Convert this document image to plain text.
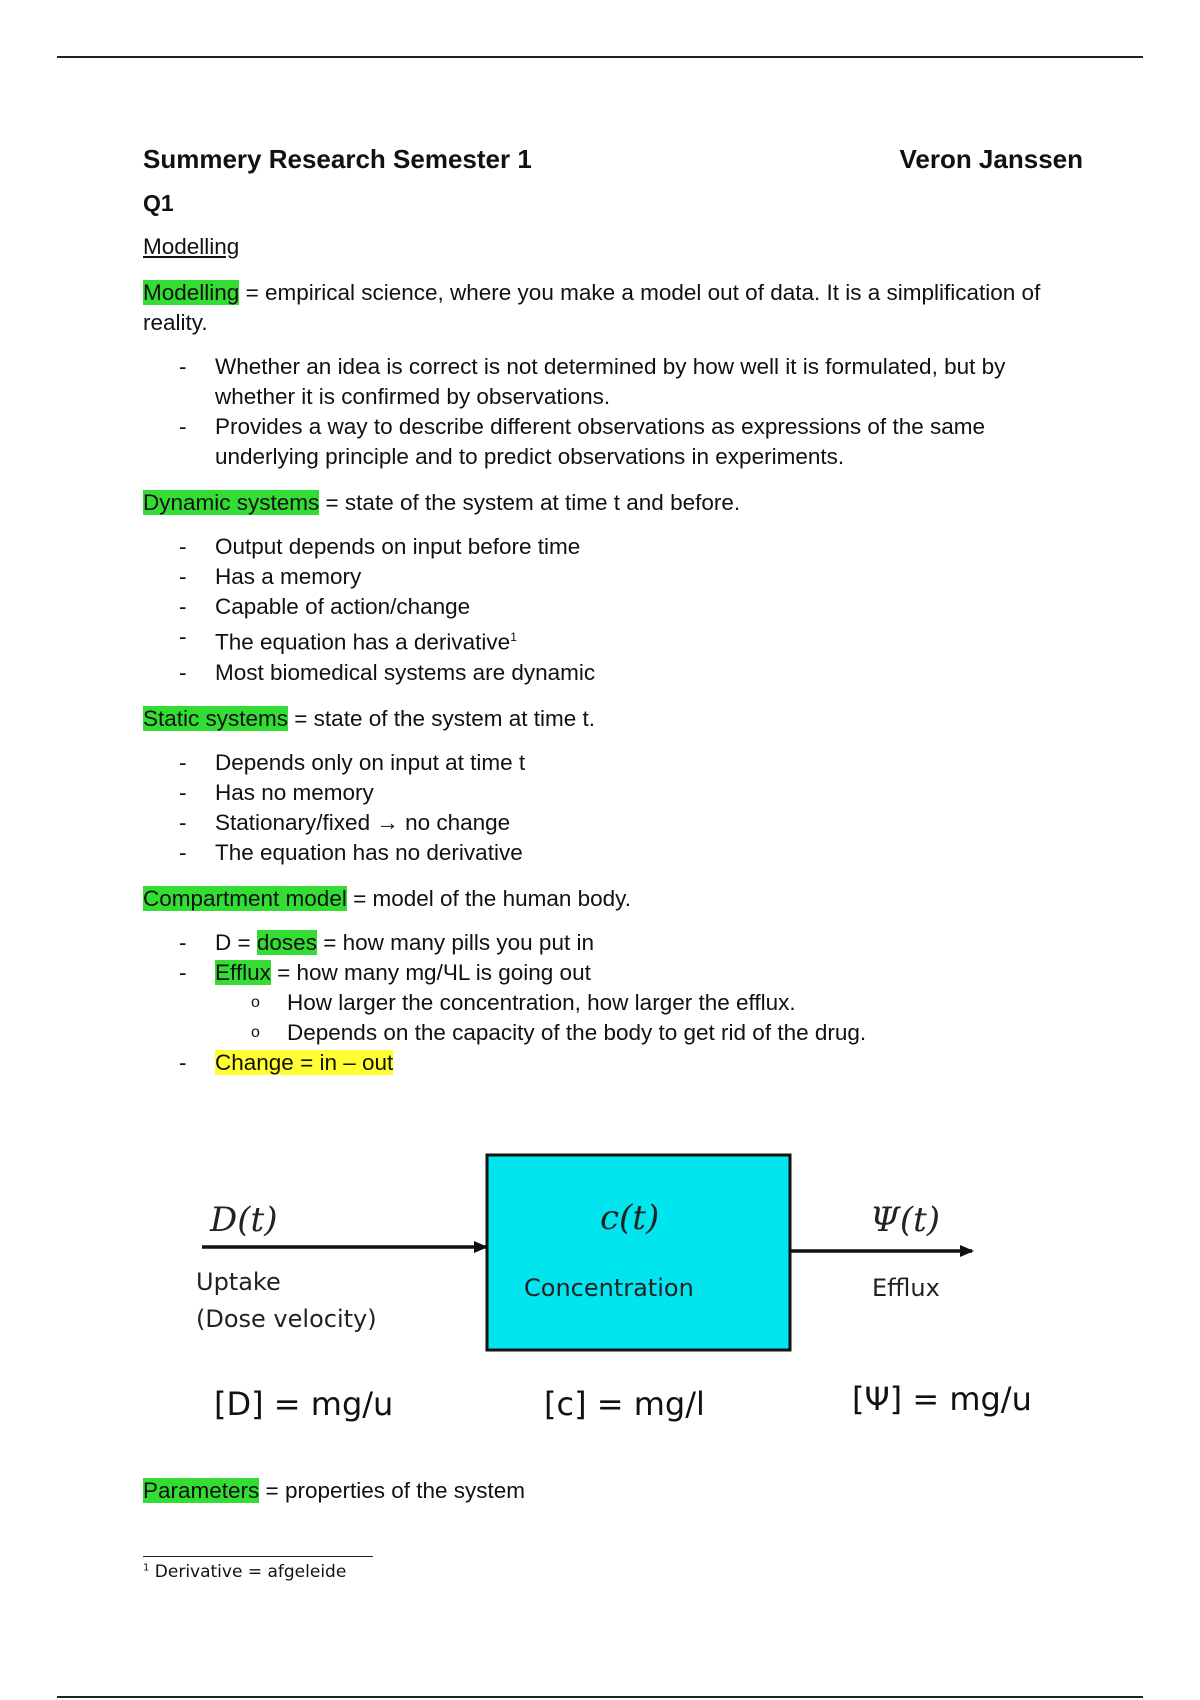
Summery Research Semester 1	Veron Janssen
Q1
Modelling

Modelling = empirical science, where you make a model out of data. It is a simplification of reality.

- Whether an idea is correct is not determined by how well it is formulated, but by whether it is confirmed by observations.
- Provides a way to describe different observations as expressions of the same underlying principle and to predict observations in experiments.

Dynamic systems = state of the system at time t and before.

- Output depends on input before time
- Has a memory
- Capable of action/change
- The equation has a derivative$^1$
- Most biomedical systems are dynamic

Static systems = state of the system at time t.

- Depends only on input at time t
- Has no memory
- Stationary/fixed → no change
- The equation has no derivative

Compartment model = model of the human body.

- D = doses = how many pills you put in
- Efflux = how many mg/ЧL is going out
o How larger the concentration, how larger the efflux.
o Depends on the capacity of the body to get rid of the drug.
- Change = in – out
D(t)
Uptake
(Dose velocity)
c(t)
Concentration
Ψ(t)
Efflux
[D] = mg/u	[c] = mg/l	[Ψ] = mg/u

Parameters = properties of the system

$^1$ Derivative = afgeleide
